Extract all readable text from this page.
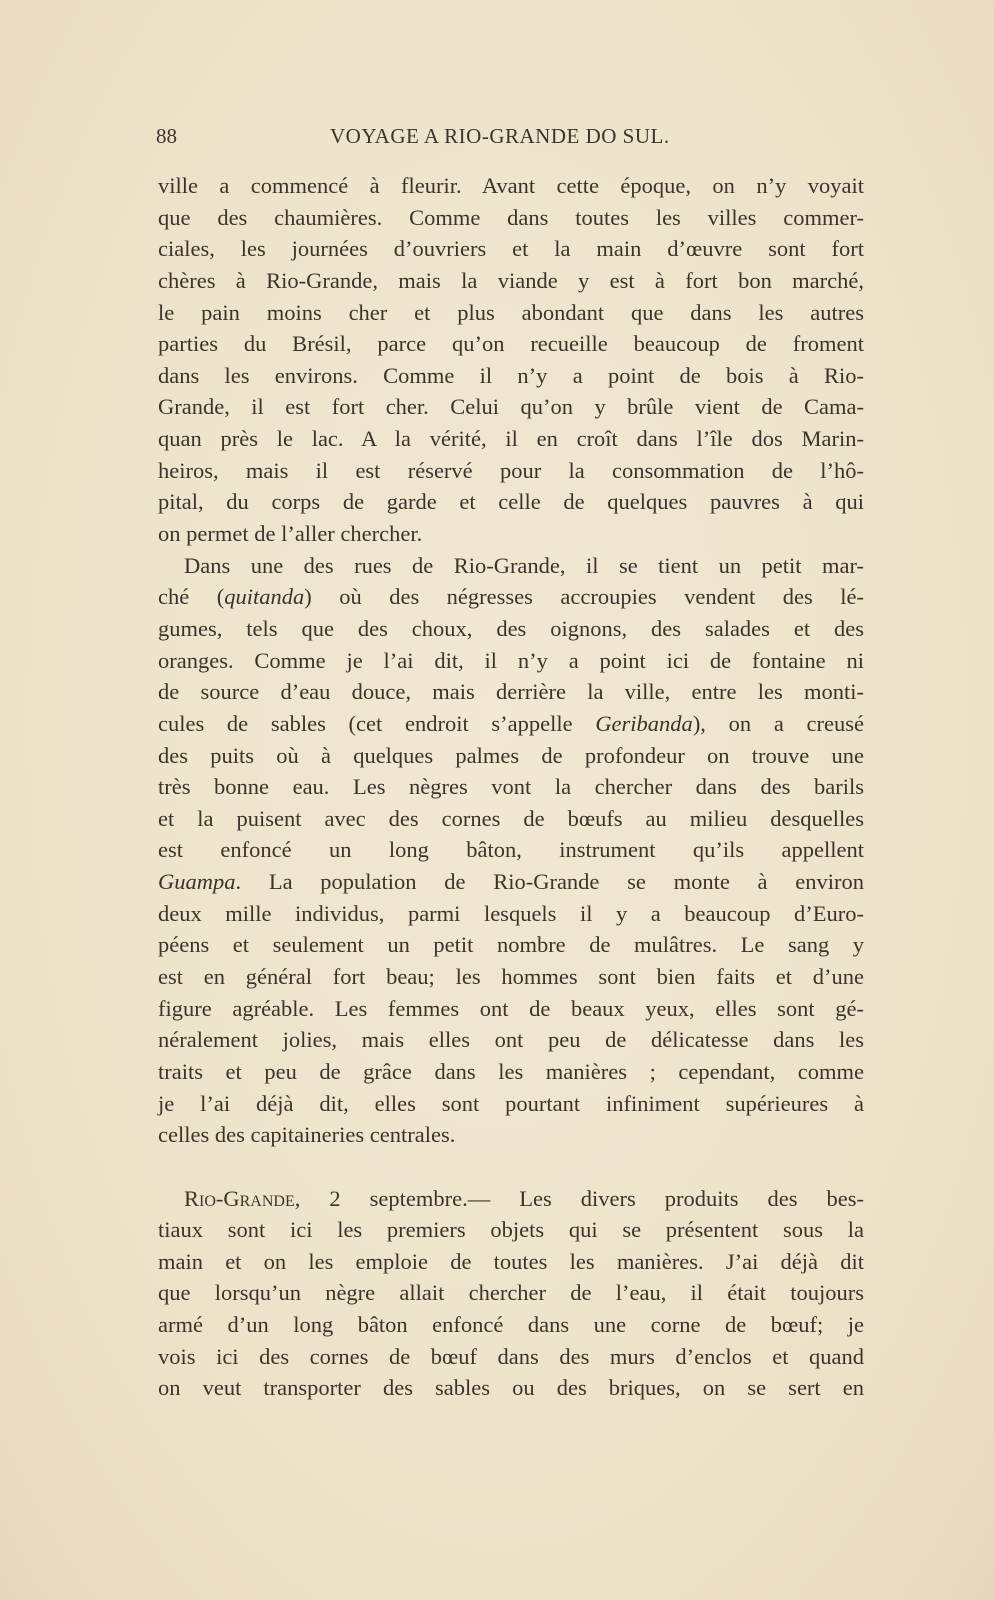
88	VOYAGE A RIO-GRANDE DO SUL.
ville a commencé à fleurir. Avant cette époque, on n’y voyait
que des chaumières. Comme dans toutes les villes commer-
ciales, les journées d’ouvriers et la main d’œuvre sont fort
chères à Rio-Grande, mais la viande y est à fort bon marché,
le pain moins cher et plus abondant que dans les autres
parties du Brésil, parce qu’on recueille beaucoup de froment
dans les environs. Comme il n’y a point de bois à Rio-
Grande, il est fort cher. Celui qu’on y brûle vient de Cama-
quan près le lac. A la vérité, il en croît dans l’île dos Marin-
heiros, mais il est réservé pour la consommation de l’hô-
pital, du corps de garde et celle de quelques pauvres à qui
on permet de l’aller chercher.
Dans une des rues de Rio-Grande, il se tient un petit mar-
ché (quitanda) où des négresses accroupies vendent des lé-
gumes, tels que des choux, des oignons, des salades et des
oranges. Comme je l’ai dit, il n’y a point ici de fontaine ni
de source d’eau douce, mais derrière la ville, entre les monti-
cules de sables (cet endroit s’appelle Geribanda), on a creusé
des puits où à quelques palmes de profondeur on trouve une
très bonne eau. Les nègres vont la chercher dans des barils
et la puisent avec des cornes de bœufs au milieu desquelles
est enfoncé un long bâton, instrument qu’ils appellent
Guampa. La population de Rio-Grande se monte à environ
deux mille individus, parmi lesquels il y a beaucoup d’Euro-
péens et seulement un petit nombre de mulâtres. Le sang y
est en général fort beau; les hommes sont bien faits et d’une
figure agréable. Les femmes ont de beaux yeux, elles sont gé-
néralement jolies, mais elles ont peu de délicatesse dans les
traits et peu de grâce dans les manières ; cependant, comme
je l’ai déjà dit, elles sont pourtant infiniment supérieures à
celles des capitaineries centrales.
Rio-Grande, 2 septembre.— Les divers produits des bes-
tiaux sont ici les premiers objets qui se présentent sous la
main et on les emploie de toutes les manières. J’ai déjà dit
que lorsqu’un nègre allait chercher de l’eau, il était toujours
armé d’un long bâton enfoncé dans une corne de bœuf; je
vois ici des cornes de bœuf dans des murs d’enclos et quand
on veut transporter des sables ou des briques, on se sert en
